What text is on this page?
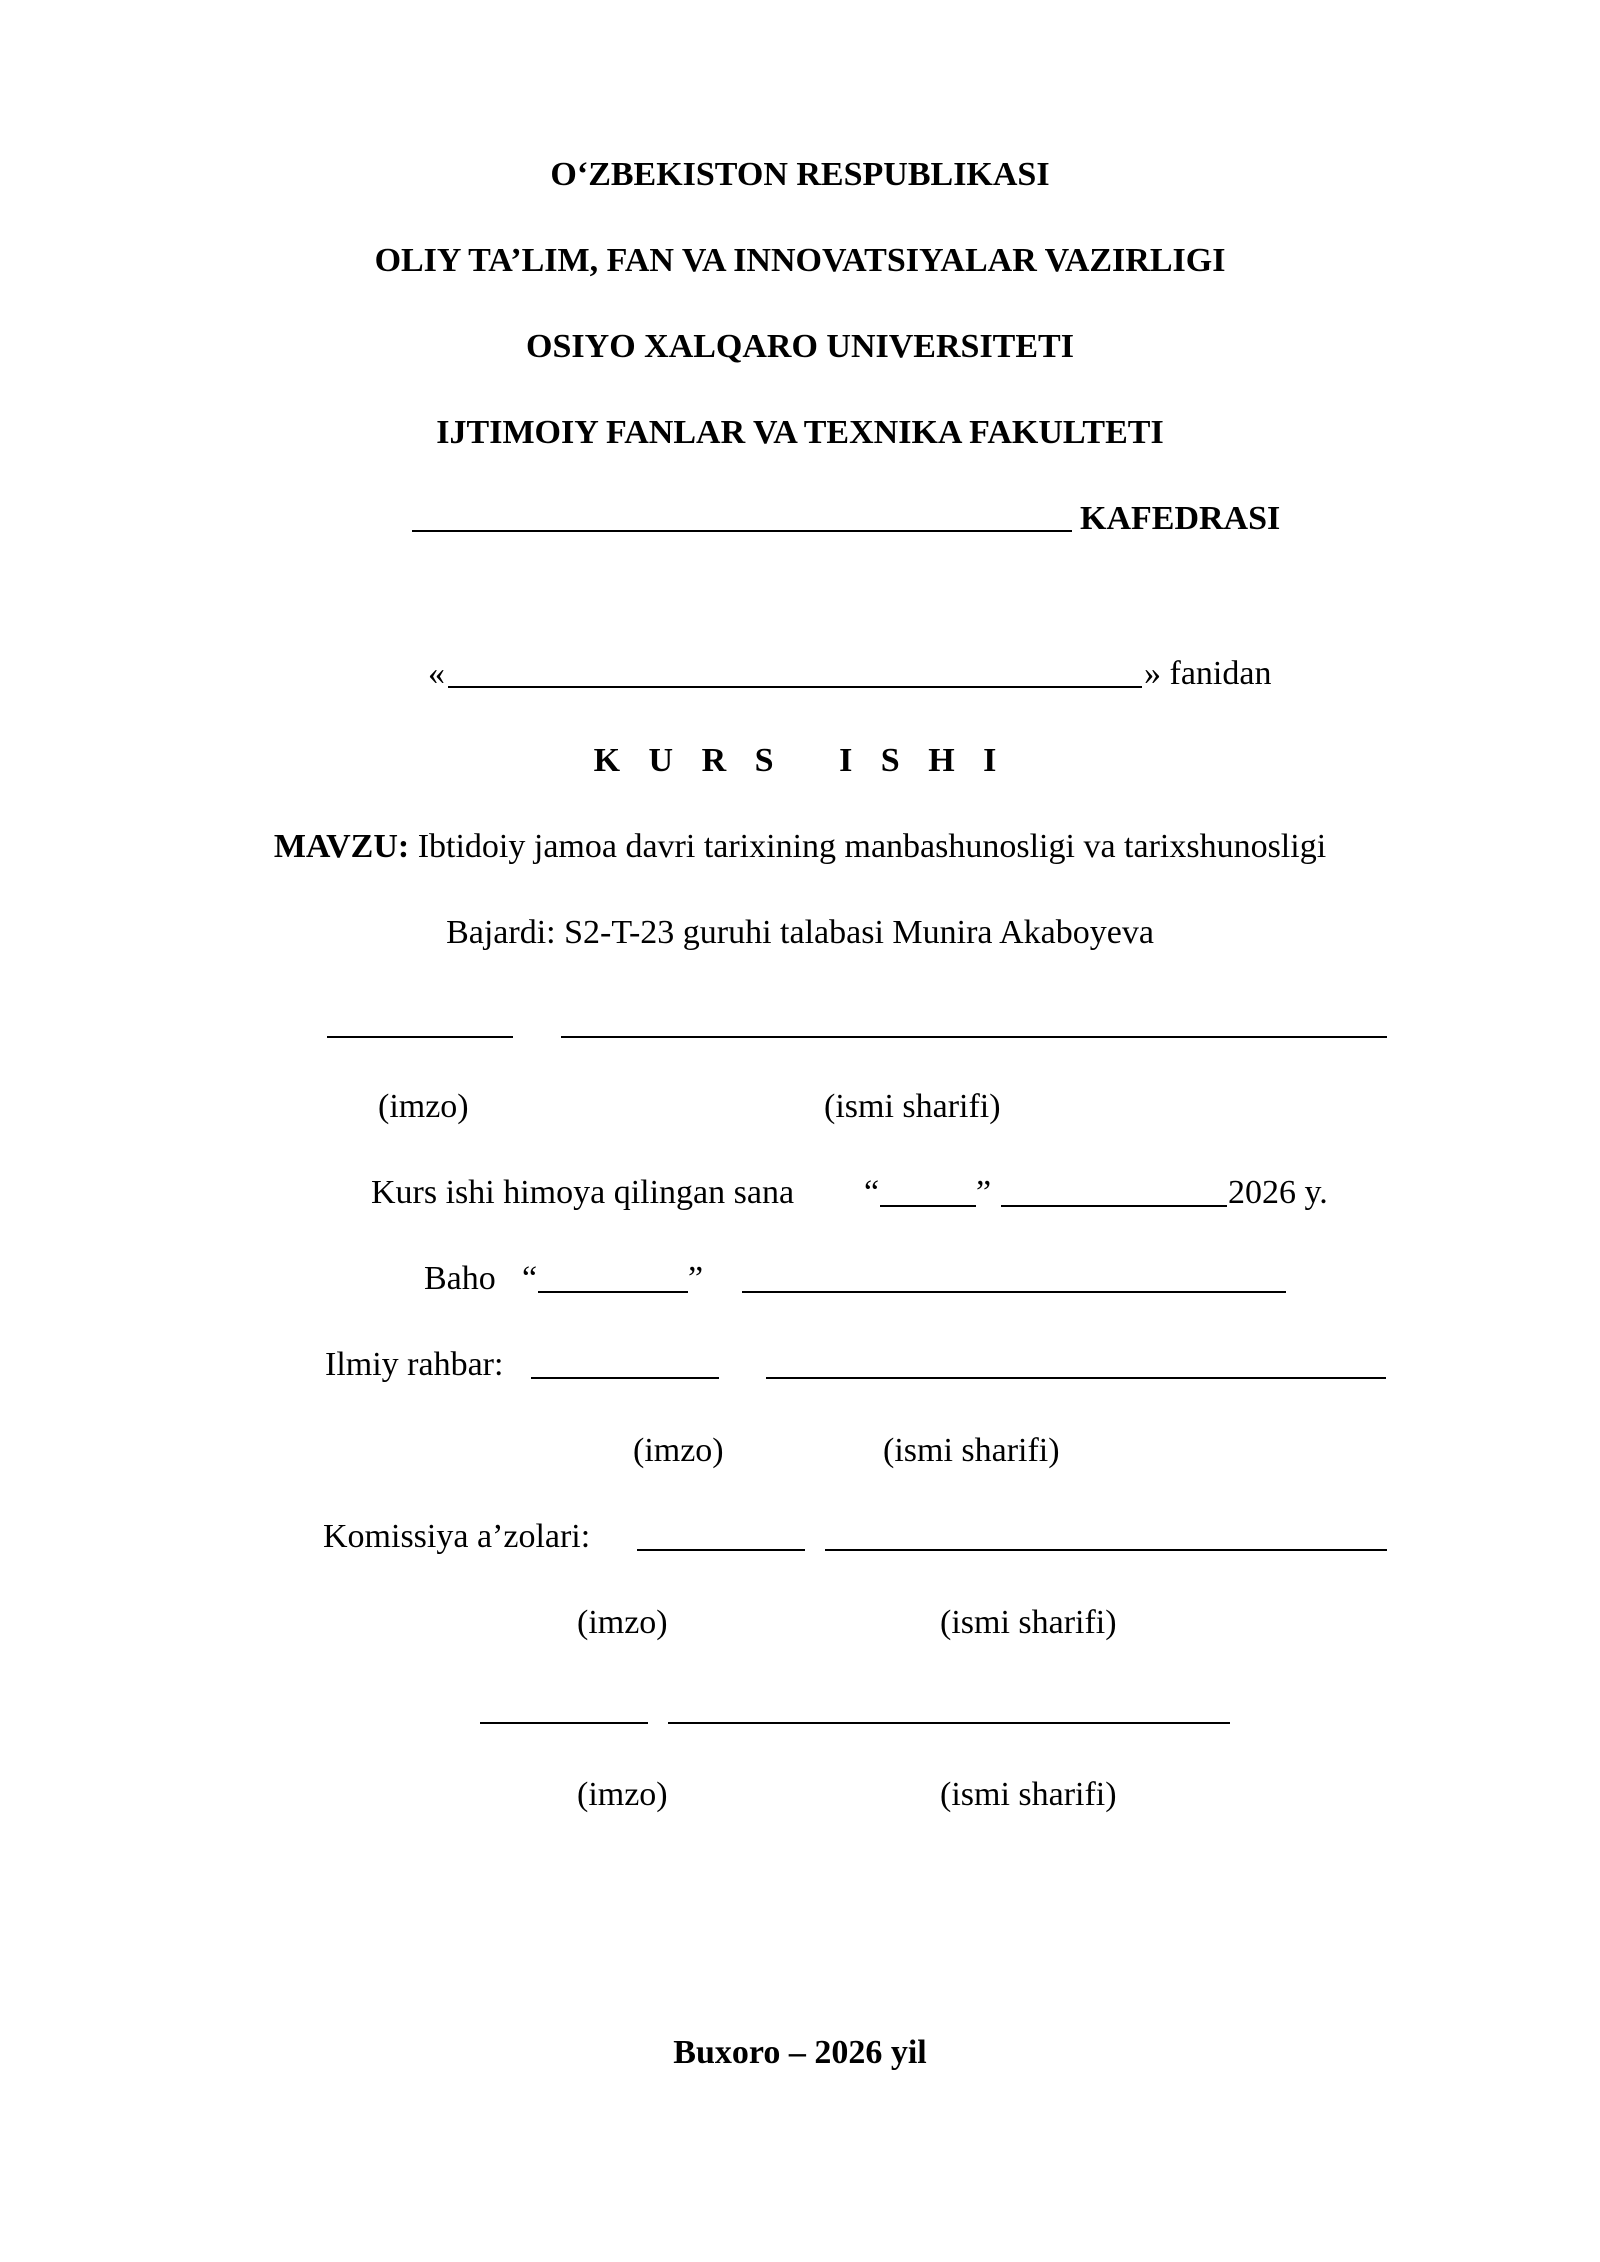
O‘ZBEKISTON RESPUBLIKASI
OLIY TA’LIM, FAN VA INNOVATSIYALAR VAZIRLIGI
OSIYO XALQARO UNIVERSITETI
IJTIMOIY FANLAR VA TEXNIKA FAKULTETI
KAFEDRASI
«	» fanidan
K U R S   I S H I
MAVZU: Ibtidoiy jamoa davri tarixining manbashunosligi va tarixshunosligi
Bajardi: S2-T-23 guruhi talabasi Munira Akaboyeva
(imzo)	(ismi sharifi)
Kurs ishi himoya qilingan sana “	”	2026 y.
Baho “	”
Ilmiy rahbar:
(imzo)	(ismi sharifi)
Komissiya a’zolari:
(imzo)	(ismi sharifi)
(imzo)	(ismi sharifi)
Buxoro – 2026 yil
